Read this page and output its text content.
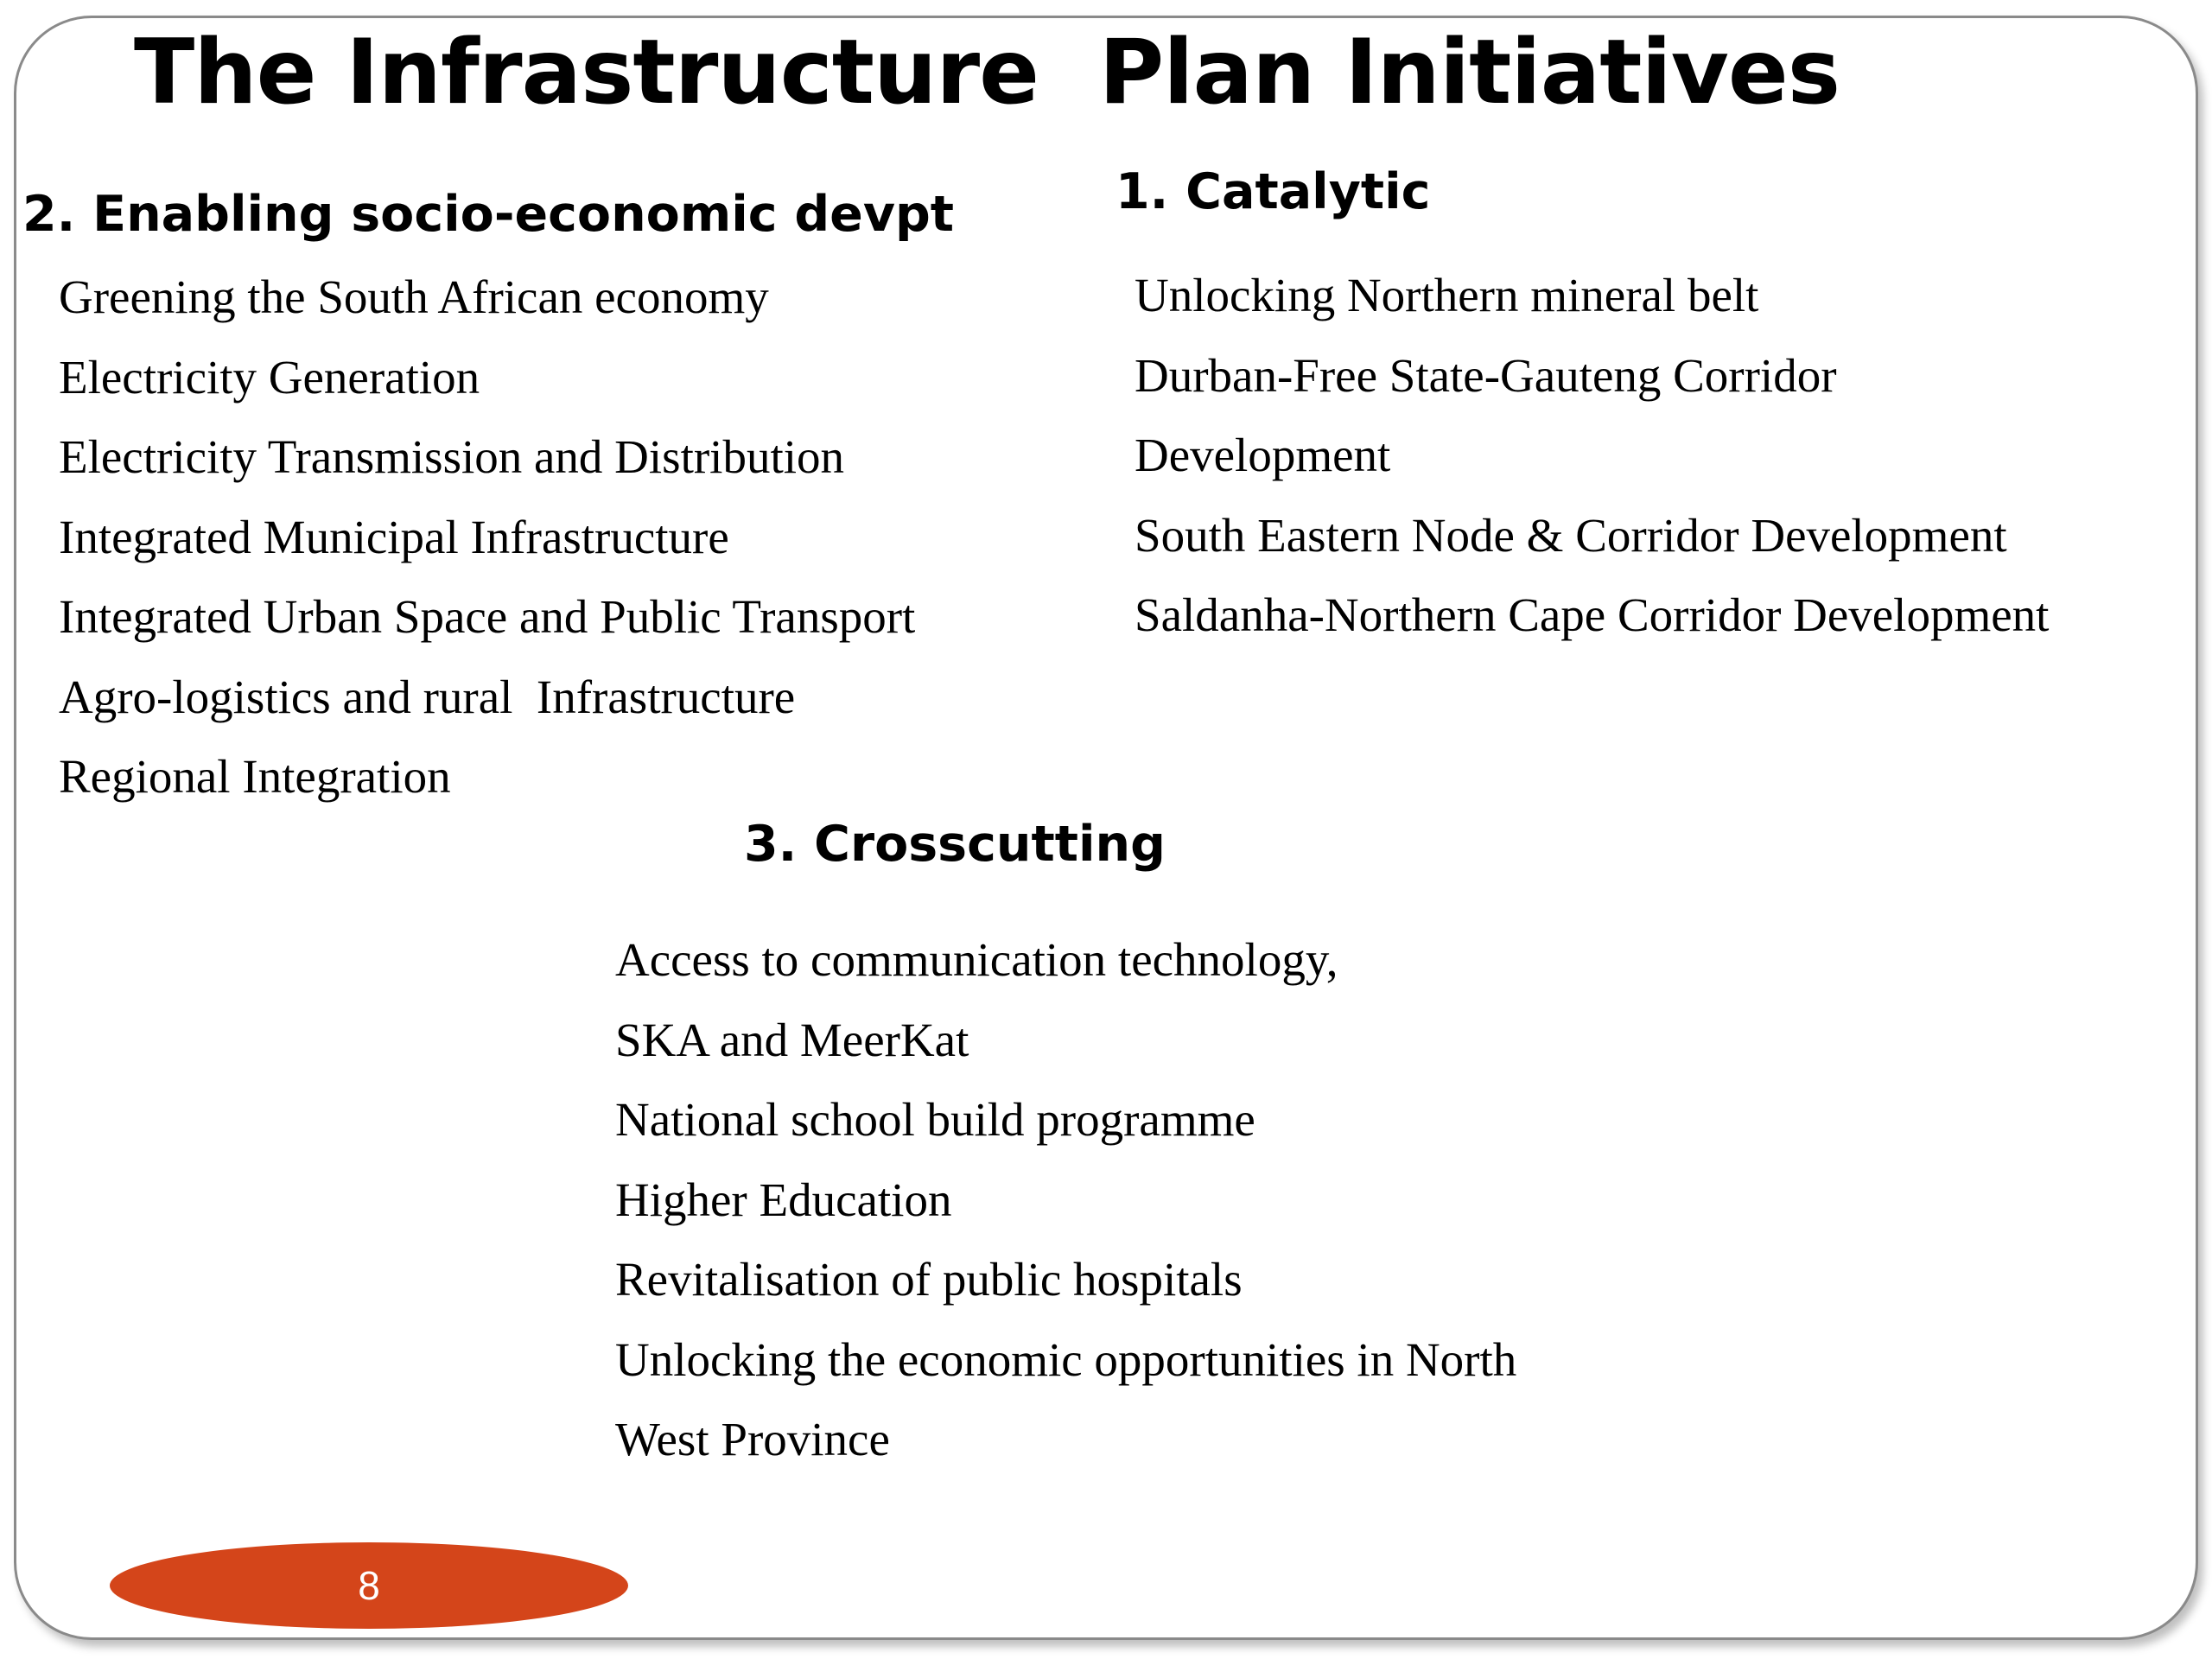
The Infrastructure  Plan Initiatives
2. Enabling socio-economic devpt
Greening the South African economy
Electricity Generation
Electricity Transmission and Distribution
Integrated Municipal Infrastructure
Integrated Urban Space and Public Transport
Agro-logistics and rural  Infrastructure
Regional Integration
1. Catalytic
Unlocking Northern mineral belt
Durban-Free State-Gauteng Corridor
Development
South Eastern Node & Corridor Development
Saldanha-Northern Cape Corridor Development
3. Crosscutting
Access to communication technology,
SKA and MeerKat
National school build programme
Higher Education
Revitalisation of public hospitals
Unlocking the economic opportunities in North
West Province
8
